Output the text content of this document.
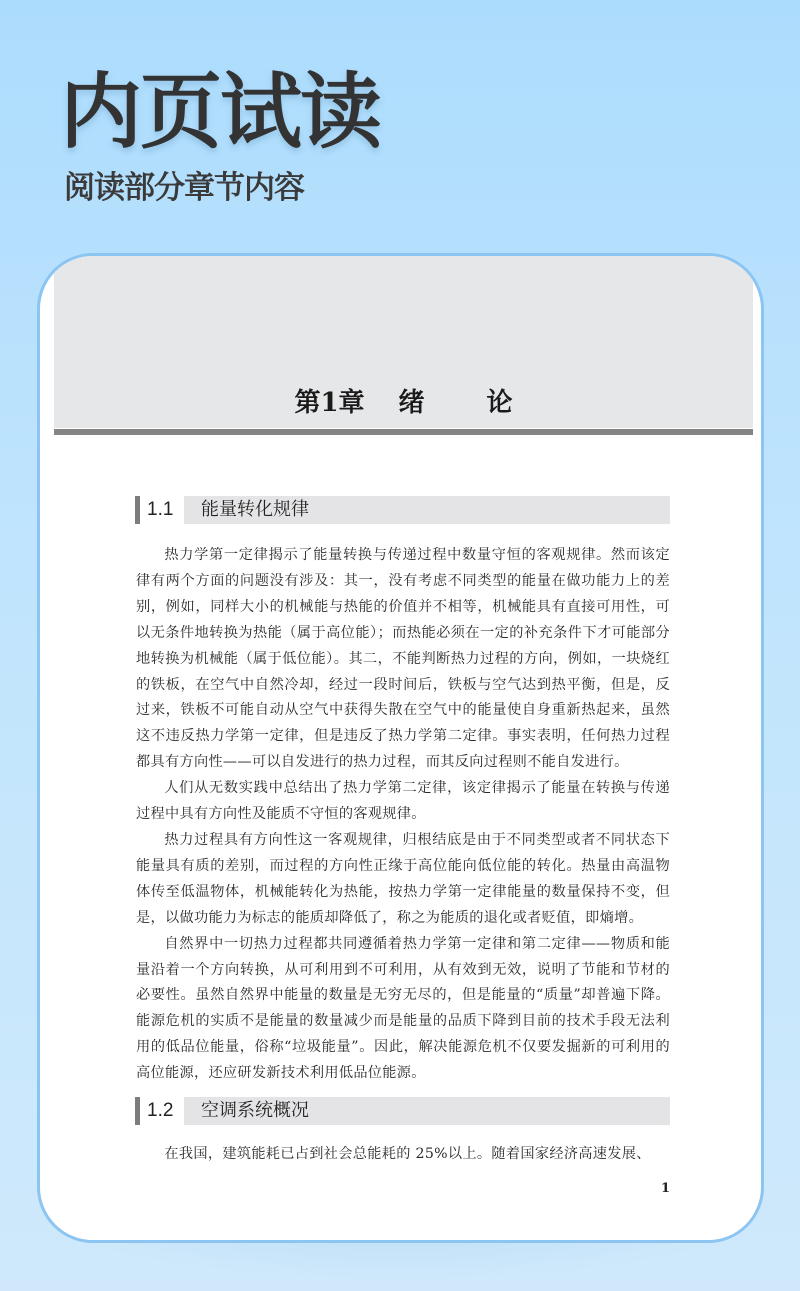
内页试读
阅读部分章节内容
第1章 绪 论
1.1 能量转化规律

热力学第一定律揭示了能量转换与传递过程中数量守恒的客观规律。然而该定律有两个方面的问题没有涉及：其一，没有考虑不同类型的能量在做功能力上的差别，例如，同样大小的机械能与热能的价值并不相等，机械能具有直接可用性，可以无条件地转换为热能（属于高位能）；而热能必须在一定的补充条件下才可能部分地转换为机械能（属于低位能）。其二，不能判断热力过程的方向，例如，一块烧红的铁板，在空气中自然冷却，经过一段时间后，铁板与空气达到热平衡，但是，反过来，铁板不可能自动从空气中获得失散在空气中的能量使自身重新热起来，虽然这不违反热力学第一定律，但是违反了热力学第二定律。事实表明，任何热力过程都具有方向性——可以自发进行的热力过程，而其反向过程则不能自发进行。

人们从无数实践中总结出了热力学第二定律，该定律揭示了能量在转换与传递过程中具有方向性及能质不守恒的客观规律。

热力过程具有方向性这一客观规律，归根结底是由于不同类型或者不同状态下能量具有质的差别，而过程的方向性正缘于高位能向低位能的转化。热量由高温物体传至低温物体，机械能转化为热能，按热力学第一定律能量的数量保持不变，但是，以做功能力为标志的能质却降低了，称之为能质的退化或者贬值，即熵增。

自然界中一切热力过程都共同遵循着热力学第一定律和第二定律——物质和能量沿着一个方向转换，从可利用到不可利用，从有效到无效，说明了节能和节材的必要性。虽然自然界中能量的数量是无穷无尽的，但是能量的“质量”却普遍下降。能源危机的实质不是能量的数量减少而是能量的品质下降到目前的技术手段无法利用的低品位能量，俗称“垃圾能量”。因此，解决能源危机不仅要发掘新的可利用的高位能源，还应研发新技术利用低品位能源。

1.2 空调系统概况

在我国，建筑能耗已占到社会总能耗的 25%以上。随着国家经济高速发展、

1
